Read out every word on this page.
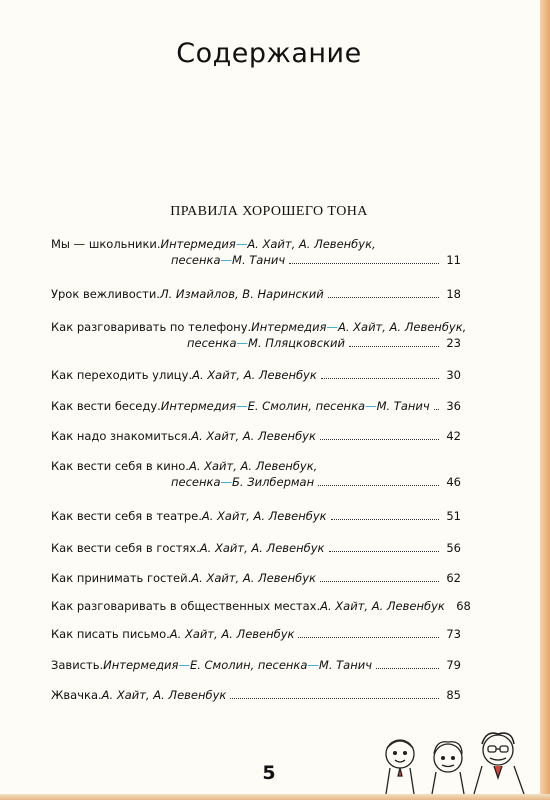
Содержание
ПРАВИЛА ХОРОШЕГО ТОНА
Мы — школьники. Интермедия — А. Хайт, А. Левенбук,
песенка — М. Танич	11
Урок вежливости. Л. Измайлов, В. Наринский	18
Как разговаривать по телефону. Интермедия — А. Хайт, А. Левенбук,
песенка — М. Пляцковский	23
Как переходить улицу. А. Хайт, А. Левенбук	30
Как вести беседу. Интермедия — Е. Смолин, песенка — М. Танич 36
Как надо знакомиться. А. Хайт, А. Левенбук	42
Как вести себя в кино. А. Хайт, А. Левенбук,
песенка — Б. Зилберман	46
Как вести себя в театре. А. Хайт, А. Левенбук	51
Как вести себя в гостях. А. Хайт, А. Левенбук	56
Как принимать гостей. А. Хайт, А. Левенбук	62
Как разговаривать в общественных местах. А. Хайт, А. Левенбук 68
Как писать письмо. А. Хайт, А. Левенбук	73
Зависть. Интермедия — Е. Смолин, песенка — М. Танич	79
Жвачка. А. Хайт, А. Левенбук	85
5
